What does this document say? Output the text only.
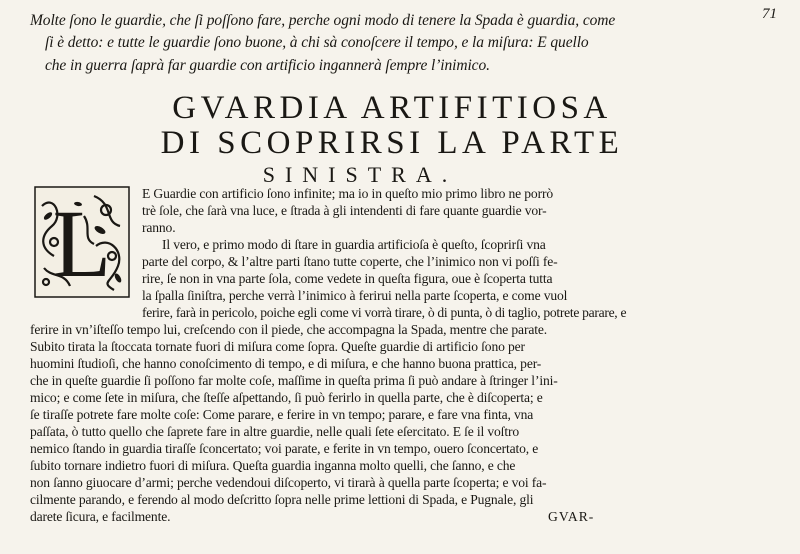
71
Molte ſono le guardie, che ſi poſſono fare, perche ogni modo di tenere la Spada è guardia, come
ſi è detto: e tutte le guardie ſono buone, à chi sà conoſcere il tempo, e la miſura: E quello
che in guerra ſaprà far guardie con artificio ingannerà ſempre l’inimico.
GVARDIA ARTIFITIOSA
DI SCOPRIRSI LA PARTE
SINISTRA.
L E Guardie con artificio ſono infinite; ma io in queſto mio primo libro ne porrò
trè ſole, che ſarà vna luce, e ſtrada à gli intendenti di fare quante guardie vor-
ranno.
Il vero, e primo modo di ſtare in guardia artificioſa è queſto, ſcoprirſi vna
parte del corpo, & l’altre parti ſtano tutte coperte, che l’inimico non vi poſſi fe-
rire, ſe non in vna parte ſola, come vedete in queſta figura, oue è ſcoperta tutta
la ſpalla ſiniſtra, perche verrà l’inimico à ferirui nella parte ſcoperta, e come vuol
ferire, farà in pericolo, poiche egli come vi vorrà tirare, ò di punta, ò di taglio, potrete parare, e
ferire in vn’iſteſſo tempo lui, creſcendo con il piede, che accompagna la Spada, mentre che parate.
Subito tirata la ſtoccata tornate fuori di miſura come ſopra. Queſte guardie di artificio ſono per
huomini ſtudioſi, che hanno conoſcimento di tempo, e di miſura, e che hanno buona prattica, per-
che in queſte guardie ſi poſſono far molte coſe, maſſime in queſta prima ſi può andare à ſtringer l’ini-
mico; e come ſete in miſura, che ſteſſe aſpettando, ſi può ferirlo in quella parte, che è diſcoperta; e
ſe tiraſſe potrete fare molte coſe: Come parare, e ferire in vn tempo; parare, e fare vna finta, vna
paſſata, ò tutto quello che ſaprete fare in altre guardie, nelle quali ſete eſercitato. E ſe il voſtro
nemico ſtando in guardia tiraſſe ſconcertato; voi parate, e ferite in vn tempo, ouero ſconcertato, e
ſubito tornare indietro fuori di miſura. Queſta guardia inganna molto quelli, che ſanno, e che
non ſanno giuocare d’armi; perche vedendoui diſcoperto, vi tirarà à quella parte ſcoperta; e voi fa-
cilmente parando, e ferendo al modo deſcritto ſopra nelle prime lettioni di Spada, e Pugnale, gli
darete ſicura, e facilmente.	GVAR-
